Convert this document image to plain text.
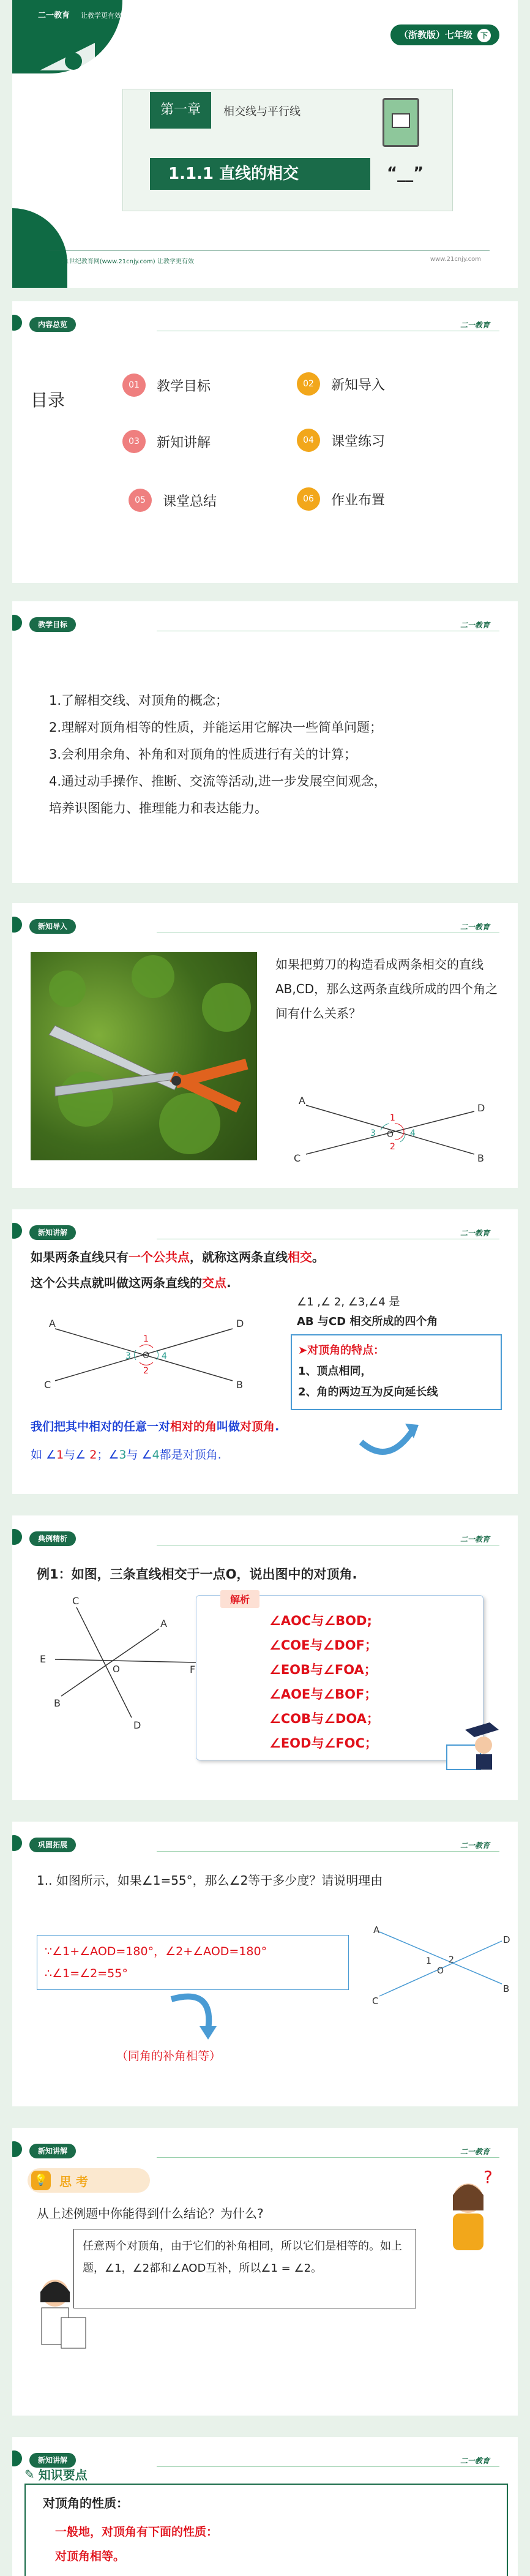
二一教育 让教学更有效
（浙教版）七年级 下
第一章	相交线与平行线
1.1.1 直线的相交	“__”
21世纪教育网(www.21cnjy.com) 让教学更有效	www.21cnjy.com
内容总览	二一教育
目录
01	教学目标	02	新知导入
03	新知讲解	04	课堂练习
05	课堂总结	06	作业布置
教学目标	二一教育
1.了解相交线、对顶角的概念；
2.理解对顶角相等的性质，并能运用它解决一些简单问题；
3.会利用余角、补角和对顶角的性质进行有关的计算；
4.通过动手操作、推断、交流等活动,进一步发展空间观念，
培养识图能力、推理能力和表达能力。
新知导入	二一教育
如果把剪刀的构造看成两条相交的直线AB,CD，那么这两条直线所成的四个角之间有什么关系？
A
B
C
D
O
1
2
3	4
新知讲解	二一教育
如果两条直线只有一个公共点，就称这两条直线相交。
这个公共点就叫做这两条直线的交点.
A
B
C
D
O
1
2
3	4
∠1 ,∠ 2, ∠3,∠4 是
AB 与CD 相交所成的四个角
➤对顶角的特点：
1、顶点相同，
2、角的两边互为反向延长线
我们把其中相对的任意一对相对的角叫做对顶角.
如 ∠1与∠ 2；∠3与 ∠4都是对顶角.
典例精析	二一教育
例1：如图，三条直线相交于一点O，说出图中的对顶角.
C
A
E
F
B
D
O
解析
∠AOC与∠BOD;
∠COE与∠DOF；
∠EOB与∠FOA；
∠AOE与∠BOF；
∠COB与∠DOA；
∠EOD与∠FOC；
巩固拓展	二一教育
1.. 如图所示，如果∠1=55°，那么∠2等于多少度？请说明理由
∵∠1+∠AOD=180°，∠2+∠AOD=180°
∴∠1=∠2=55°
（同角的补角相等）
A
B
C
D
O
1 2
新知讲解	二一教育
💡 思 考
从上述例题中你能得到什么结论？为什么?
任意两个对顶角，由于它们的补角相同，所以它们是相等的。如上题，∠1，∠2都和∠AOD互补，所以∠1 = ∠2。
?
新知讲解	二一教育
✎ 知识要点
对顶角的性质：
一般地，对顶角有下面的性质：
对顶角相等。
